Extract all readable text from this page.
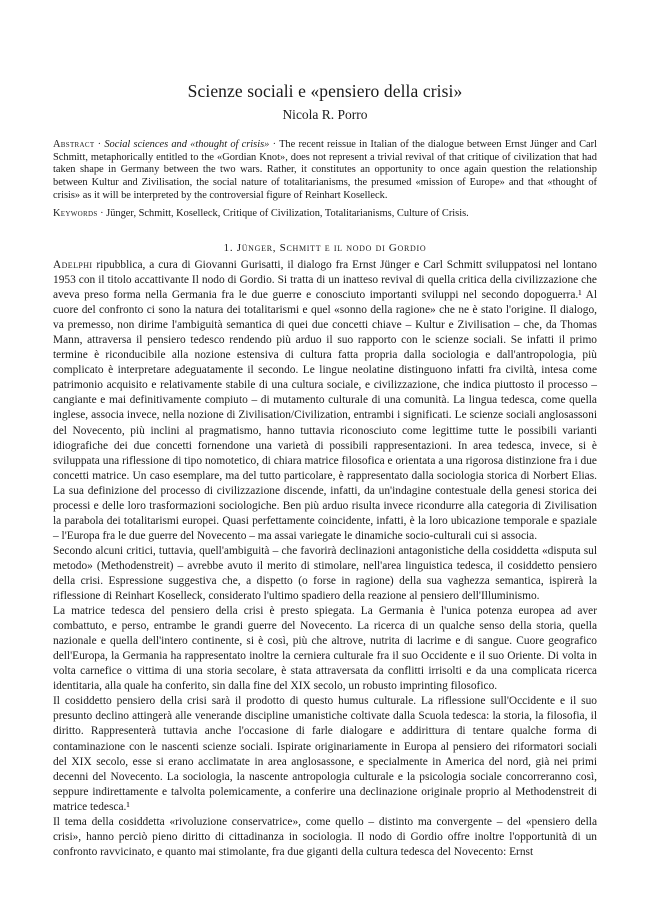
Scienze sociali e «pensiero della crisi»
Nicola R. Porro
Abstract · Social sciences and «thought of crisis» · The recent reissue in Italian of the dialogue between Ernst Jünger and Carl Schmitt, metaphorically entitled to the «Gordian Knot», does not represent a trivial revival of that critique of civilization that had taken shape in Germany between the two wars. Rather, it constitutes an opportunity to once again question the relationship between Kultur and Zivilisation, the social nature of totalitarianisms, the presumed «mission of Europe» and that «thought of crisis» as it will be interpreted by the controversial figure of Reinhart Koselleck.
Keywords · Jünger, Schmitt, Koselleck, Critique of Civilization, Totalitarianisms, Culture of Crisis.
1. Jünger, Schmitt e il nodo di Gordio

Adelphi ripubblica, a cura di Giovanni Gurisatti, il dialogo fra Ernst Jünger e Carl Schmitt sviluppatosi nel lontano 1953 con il titolo accattivante Il nodo di Gordio. Si tratta di un inatteso revival di quella critica della civilizzazione che aveva preso forma nella Germania fra le due guerre e conosciuto importanti sviluppi nel secondo dopoguerra.¹ Al cuore del confronto ci sono la natura dei totalitarismi e quel «sonno della ragione» che ne è stato l'origine. Il dialogo, va premesso, non dirime l'ambiguità semantica di quei due concetti chiave – Kultur e Zivilisation – che, da Thomas Mann, attraversa il pensiero tedesco rendendo più arduo il suo rapporto con le scienze sociali. Se infatti il primo termine è riconducibile alla nozione estensiva di cultura fatta propria dalla sociologia e dall'antropologia, più complicato è interpretare adeguatamente il secondo. Le lingue neolatine distinguono infatti fra civiltà, intesa come patrimonio acquisito e relativamente stabile di una cultura sociale, e civilizzazione, che indica piuttosto il processo – cangiante e mai definitivamente compiuto – di mutamento culturale di una comunità. La lingua tedesca, come quella inglese, associa invece, nella nozione di Zivilisation/Civilization, entrambi i significati. Le scienze sociali anglosassoni del Novecento, più inclini al pragmatismo, hanno tuttavia riconosciuto come legittime tutte le possibili varianti idiografiche dei due concetti fornendone una varietà di possibili rappresentazioni. In area tedesca, invece, si è sviluppata una riflessione di tipo nomotetico, di chiara matrice filosofica e orientata a una rigorosa distinzione fra i due concetti matrice. Un caso esemplare, ma del tutto particolare, è rappresentato dalla sociologia storica di Norbert Elias. La sua definizione del processo di civilizzazione discende, infatti, da un'indagine contestuale della genesi storica dei processi e delle loro trasformazioni sociologiche. Ben più arduo risulta invece ricondurre alla categoria di Zivilisation la parabola dei totalitarismi europei. Quasi perfettamente coincidente, infatti, è la loro ubicazione temporale e spaziale – l'Europa fra le due guerre del Novecento – ma assai variegate le dinamiche socio-culturali cui si associa.

Secondo alcuni critici, tuttavia, quell'ambiguità – che favorirà declinazioni antagonistiche della cosiddetta «disputa sul metodo» (Methodenstreit) – avrebbe avuto il merito di stimolare, nell'area linguistica tedesca, il cosiddetto pensiero della crisi. Espressione suggestiva che, a dispetto (o forse in ragione) della sua vaghezza semantica, ispirerà la riflessione di Reinhart Koselleck, considerato l'ultimo spadiero della reazione al pensiero dell'Illuminismo.

La matrice tedesca del pensiero della crisi è presto spiegata. La Germania è l'unica potenza europea ad aver combattuto, e perso, entrambe le grandi guerre del Novecento. La ricerca di un qualche senso della storia, quella nazionale e quella dell'intero continente, si è così, più che altrove, nutrita di lacrime e di sangue. Cuore geografico dell'Europa, la Germania ha rappresentato inoltre la cerniera culturale fra il suo Occidente e il suo Oriente. Di volta in volta carnefice o vittima di una storia secolare, è stata attraversata da conflitti irrisolti e da una complicata ricerca identitaria, alla quale ha conferito, sin dalla fine del XIX secolo, un robusto imprinting filosofico.

Il cosiddetto pensiero della crisi sarà il prodotto di questo humus culturale. La riflessione sull'Occidente e il suo presunto declino attingerà alle venerande discipline umanistiche coltivate dalla Scuola tedesca: la storia, la filosofia, il diritto. Rappresenterà tuttavia anche l'occasione di farle dialogare e addirittura di tentare qualche forma di contaminazione con le nascenti scienze sociali. Ispirate originariamente in Europa al pensiero dei riformatori sociali del XIX secolo, esse si erano acclimatate in area anglosassone, e specialmente in America del nord, già nei primi decenni del Novecento. La sociologia, la nascente antropologia culturale e la psicologia sociale concorreranno così, seppure indirettamente e talvolta polemicamente, a conferire una declinazione originale proprio al Methodenstreit di matrice tedesca.¹

Il tema della cosiddetta «rivoluzione conservatrice», come quello – distinto ma convergente – del «pensiero della crisi», hanno perciò pieno diritto di cittadinanza in sociologia. Il nodo di Gordio offre inoltre l'opportunità di un confronto ravvicinato, e quanto mai stimolante, fra due giganti della cultura tedesca del Novecento: Ernst
